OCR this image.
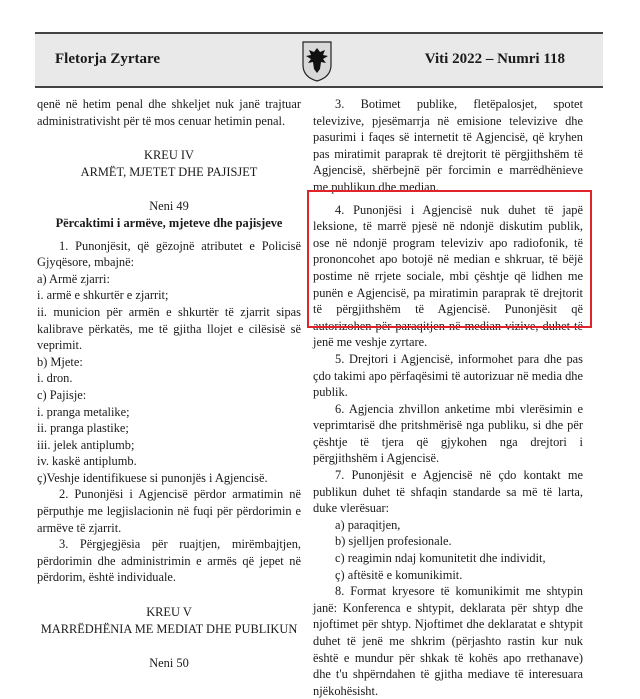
Fletorja Zyrtare	Viti 2022 – Numri 118

qenë në hetim penal dhe shkeljet nuk janë trajtuar administrativisht për të mos cenuar hetimin penal.

KREU IV

ARMËT, MJETET DHE PAJISJET

Neni 49

Përcaktimi i armëve, mjeteve dhe pajisjeve

1. Punonjësit, që gëzojnë atributet e Policisë Gjyqësore, mbajnë:

a) Armë zjarri:

i. armë e shkurtër e zjarrit;

ii. municion për armën e shkurtër të zjarrit sipas kalibrave përkatës, me të gjitha llojet e cilësisë së veprimit.

b) Mjete:

i. dron.

c) Pajisje:

i. pranga metalike;

ii. pranga plastike;

iii. jelek antiplumb;

iv. kaskë antiplumb.

ç)Veshje identifikuese si punonjës i Agjencisë.

2. Punonjësi i Agjencisë përdor armatimin në përputhje me legjislacionin në fuqi për përdorimin e armëve të zjarrit.

3. Përgjegjësia për ruajtjen, mirëmbajtjen, përdorimin dhe administrimin e armës që jepet në përdorim, është individuale.

KREU V

MARRËDHËNIA ME MEDIAT DHE PUBLIKUN

Neni 50

3. Botimet publike, fletëpalosjet, spotet televizive, pjesëmarrja në emisione televizive dhe pasurimi i faqes së internetit të Agjencisë, që kryhen pas miratimit paraprak të drejtorit të përgjithshëm të Agjencisë, shërbejnë për forcimin e marrëdhënieve me publikun dhe median.

4. Punonjësi i Agjencisë nuk duhet të japë leksione, të marrë pjesë në ndonjë diskutim publik, ose në ndonjë program televiziv apo radiofonik, të prononcohet apo botojë në median e shkruar, të bëjë postime në rrjete sociale, mbi çështje që lidhen me punën e Agjencisë, pa miratimin paraprak të drejtorit të përgjithshëm të Agjencisë. Punonjësit që autorizohen për paraqitjen në median vizive, duhet të jenë me veshje zyrtare.

5. Drejtori i Agjencisë, informohet para dhe pas çdo takimi apo përfaqësimi të autorizuar në media dhe publik.

6. Agjencia zhvillon anketime mbi vlerësimin e veprimtarisë dhe pritshmërisë nga publiku, si dhe për çështje të tjera që gjykohen nga drejtori i përgjithshëm i Agjencisë.

7. Punonjësit e Agjencisë në çdo kontakt me publikun duhet të shfaqin standarde sa më të larta, duke vlerësuar:

a) paraqitjen,

b) sjelljen profesionale.

c) reagimin ndaj komunitetit dhe individit,

ç) aftësitë e komunikimit.

8. Format kryesore të komunikimit me shtypin janë: Konferenca e shtypit, deklarata për shtyp dhe njoftimet për shtyp. Njoftimet dhe deklaratat e shtypit duhet të jenë me shkrim (përjashto rastin kur nuk është e mundur për shkak të kohës apo rrethanave) dhe t'u shpërndahen të gjitha mediave të interesuara njëkohësisht.
